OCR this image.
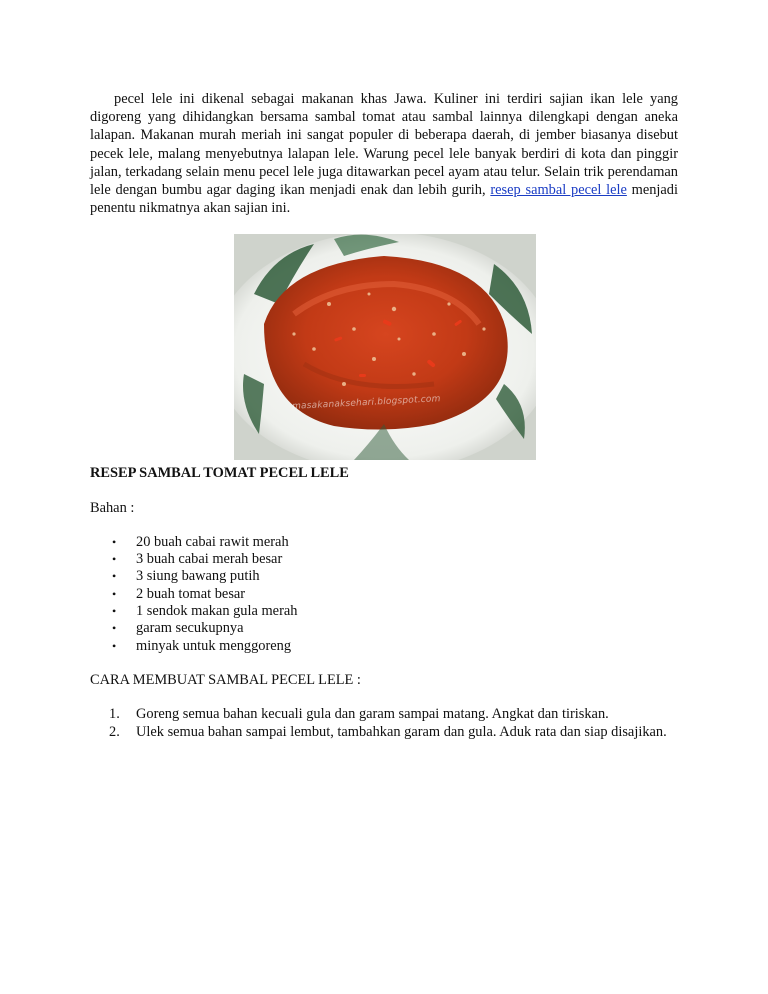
pecel lele ini dikenal sebagai makanan khas Jawa. Kuliner ini terdiri sajian ikan lele yang digoreng yang dihidangkan bersama sambal tomat atau sambal lainnya dilengkapi dengan aneka lalapan. Makanan murah meriah ini sangat populer di beberapa daerah, di jember biasanya disebut pecek lele, malang menyebutnya lalapan lele. Warung pecel lele banyak berdiri di kota dan pinggir jalan, terkadang selain menu pecel lele juga ditawarkan pecel ayam atau telur. Selain trik perendaman lele dengan bumbu agar daging ikan menjadi enak dan lebih gurih, resep sambal pecel lele menjadi penentu nikmatnya akan sajian ini.

masakanaksehari.blogspot.com
RESEP SAMBAL TOMAT PECEL LELE

Bahan :

• 20 buah cabai rawit merah
• 3 buah cabai merah besar
• 3 siung bawang putih
• 2 buah tomat besar
• 1 sendok makan gula merah
• garam secukupnya
• minyak untuk menggoreng

CARA MEMBUAT SAMBAL PECEL LELE :

1. Goreng semua bahan kecuali gula dan garam sampai matang. Angkat dan tiriskan.
2. Ulek semua bahan sampai lembut, tambahkan garam dan gula. Aduk rata dan siap disajikan.
